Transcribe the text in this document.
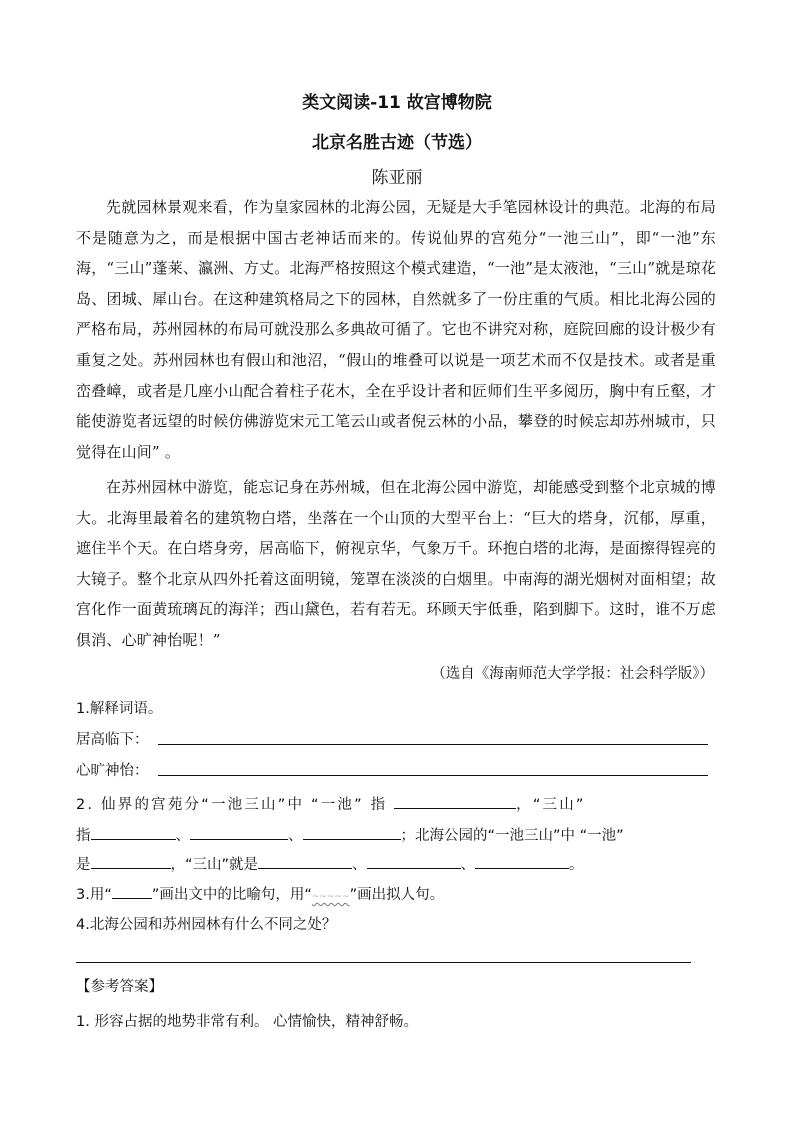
类文阅读-11 故宫博物院
北京名胜古迹（节选）
陈亚丽

先就园林景观来看，作为皇家园林的北海公园，无疑是大手笔园林设计的典范。北海的布局不是随意为之，而是根据中国古老神话而来的。传说仙界的宫苑分“一池三山”，即“一池”东海，“三山”蓬莱、瀛洲、方丈。北海严格按照这个模式建造，“一池”是太液池，“三山”就是琼花岛、团城、犀山台。在这种建筑格局之下的园林，自然就多了一份庄重的气质。相比北海公园的严格布局，苏州园林的布局可就没那么多典故可循了。它也不讲究对称，庭院回廊的设计极少有重复之处。苏州园林也有假山和池沼，“假山的堆叠可以说是一项艺术而不仅是技术。或者是重峦叠嶂，或者是几座小山配合着柱子花木，全在乎设计者和匠师们生平多阅历，胸中有丘壑，才能使游览者远望的时候仿佛游览宋元工笔云山或者倪云林的小品，攀登的时候忘却苏州城市，只觉得在山间” 。

在苏州园林中游览，能忘记身在苏州城，但在北海公园中游览，却能感受到整个北京城的博大。北海里最着名的建筑物白塔，坐落在一个山顶的大型平台上：“巨大的塔身，沉郁，厚重，遮住半个天。在白塔身旁，居高临下，俯视京华，气象万千。环抱白塔的北海，是面擦得锃亮的大镜子。整个北京从四外托着这面明镜，笼罩在淡淡的白烟里。中南海的湖光烟树对面相望；故宫化作一面黄琉璃瓦的海洋；西山黛色，若有若无。环顾天宇低垂，陷到脚下。这时，谁不万虑俱消、心旷神怡呢！”

（选自《海南师范大学学报：社会科学版》）
1.解释词语。
居高临下：
心旷神怡：
2. 仙界的宫苑分“一池三山”中 “一池” 指	，“三山”
指	、	、	；北海公园的“一池三山”中 “一池”
是	，“三山”就是	、	、	。
3.用“	”画出文中的比喻句，用“~~~~~”画出拟人句。
4.北海公园和苏州园林有什么不同之处？
【参考答案】
1. 形容占据的地势非常有利。 心情愉快，精神舒畅。
